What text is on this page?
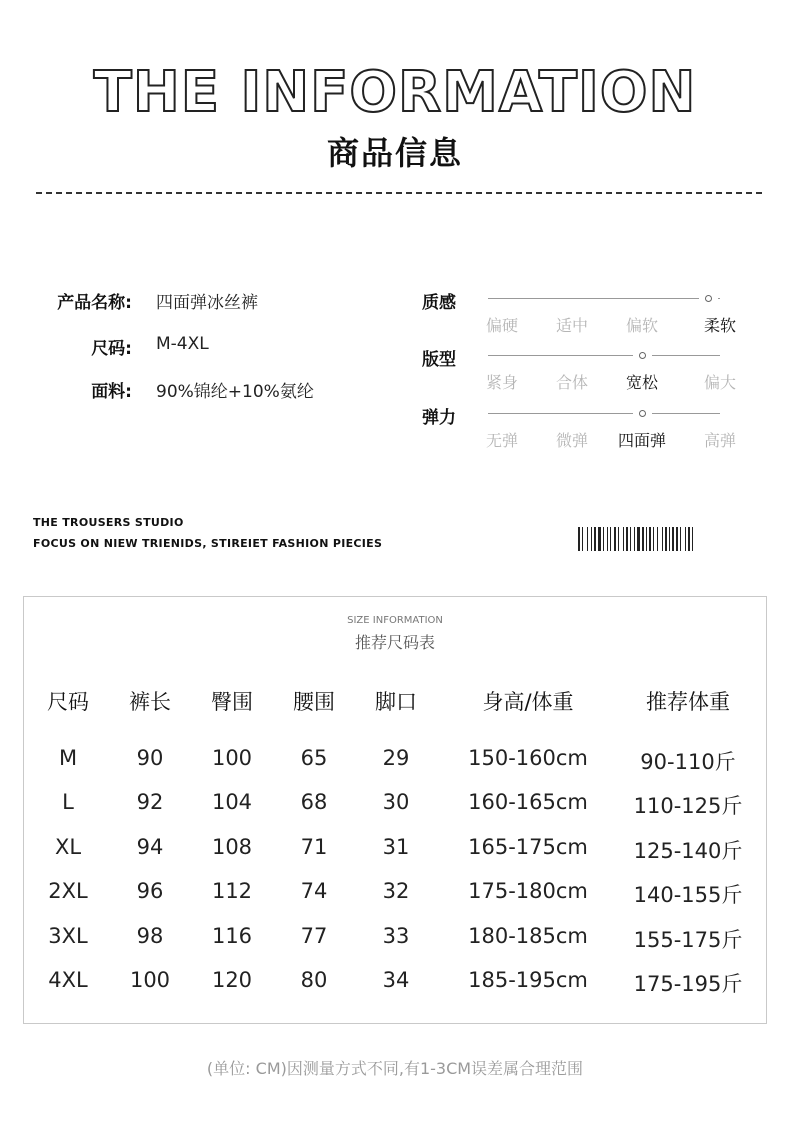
THE INFORMATION
商品信息
产品名称: 四面弹冰丝裤
尺码: M-4XL
面料: 90%锦纶+10%氨纶
质感
偏硬	适中	偏软	柔软
版型
紧身	合体	宽松	偏大
弹力
无弹	微弹	四面弹	高弹
THE TROUSERS STUDIO
FOCUS ON NIEW TRIENIDS, STIREIET FASHION PIECIES
SIZE INFORMATION
推荐尺码表
尺码	裤长	臀围	腰围	脚口	身高/体重	推荐体重
M	90	100	65	29	150-160cm	90-110斤
L	92	104	68	30	160-165cm	110-125斤
XL	94	108	71	31	165-175cm	125-140斤
2XL	96	112	74	32	175-180cm	140-155斤
3XL	98	116	77	33	180-185cm	155-175斤
4XL	100	120	80	34	185-195cm	175-195斤
(单位: CM)因测量方式不同,有1-3CM误差属合理范围
